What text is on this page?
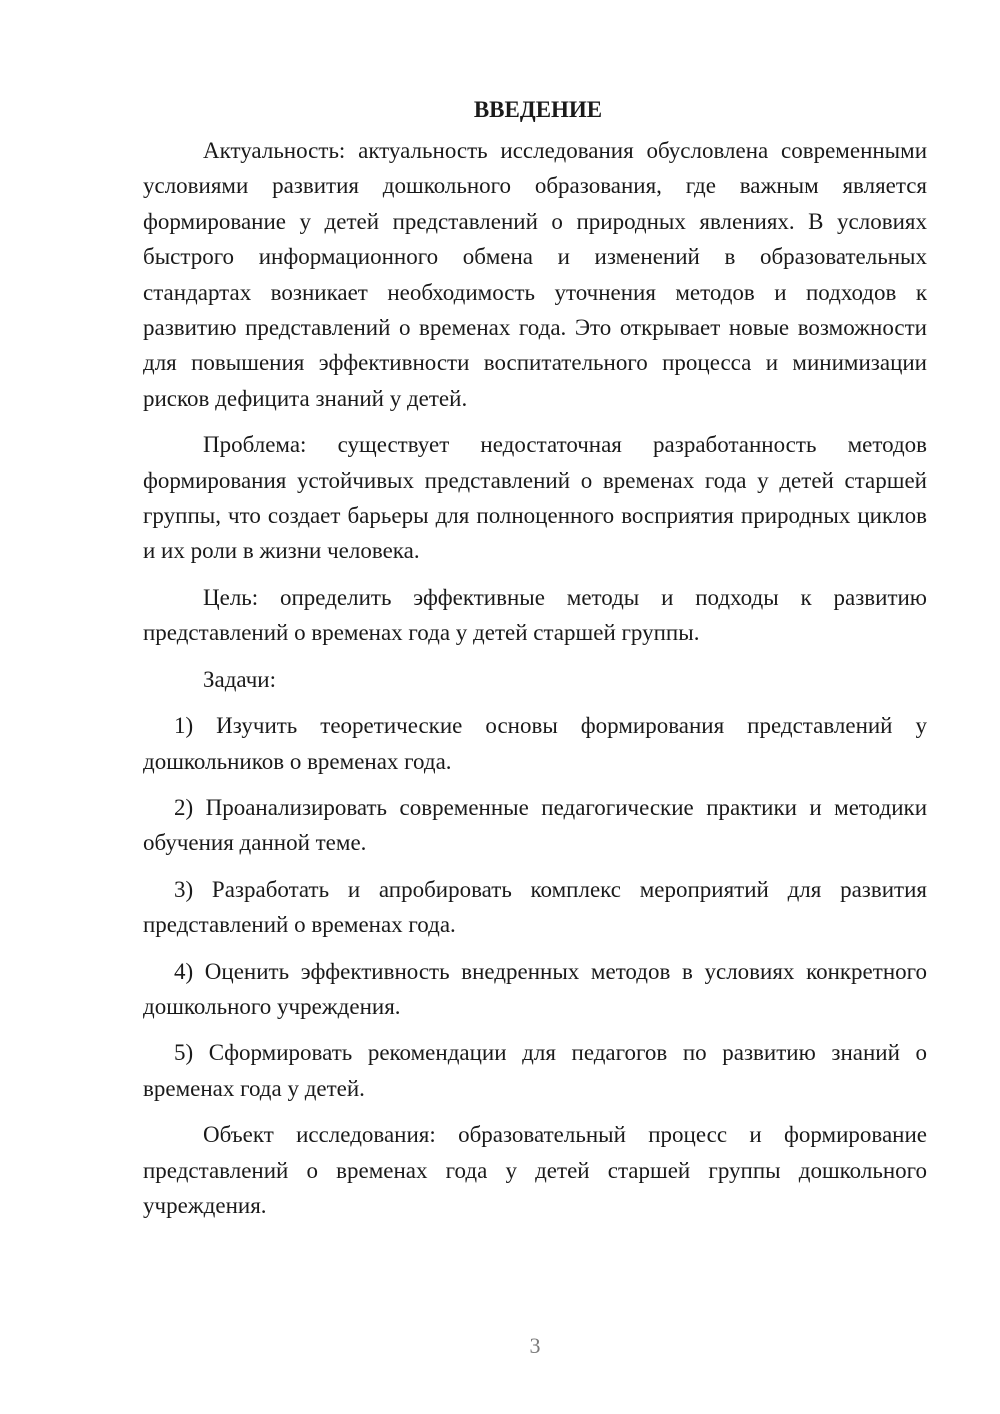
ВВЕДЕНИЕ

Актуальность: актуальность исследования обусловлена современными условиями развития дошкольного образования, где важным является формирование у детей представлений о природных явлениях. В условиях быстрого информационного обмена и изменений в образовательных стандартах возникает необходимость уточнения методов и подходов к развитию представлений о временах года. Это открывает новые возможности для повышения эффективности воспитательного процесса и минимизации рисков дефицита знаний у детей.

Проблема: существует недостаточная разработанность методов формирования устойчивых представлений о временах года у детей старшей группы, что создает барьеры для полноценного восприятия природных циклов и их роли в жизни человека.

Цель: определить эффективные методы и подходы к развитию представлений о временах года у детей старшей группы.

Задачи:

1) Изучить теоретические основы формирования представлений у дошкольников о временах года.

2) Проанализировать современные педагогические практики и методики обучения данной теме.

3) Разработать и апробировать комплекс мероприятий для развития представлений о временах года.

4) Оценить эффективность внедренных методов в условиях конкретного дошкольного учреждения.

5) Сформировать рекомендации для педагогов по развитию знаний о временах года у детей.

Объект исследования: образовательный процесс и формирование представлений о временах года у детей старшей группы дошкольного учреждения.

3
